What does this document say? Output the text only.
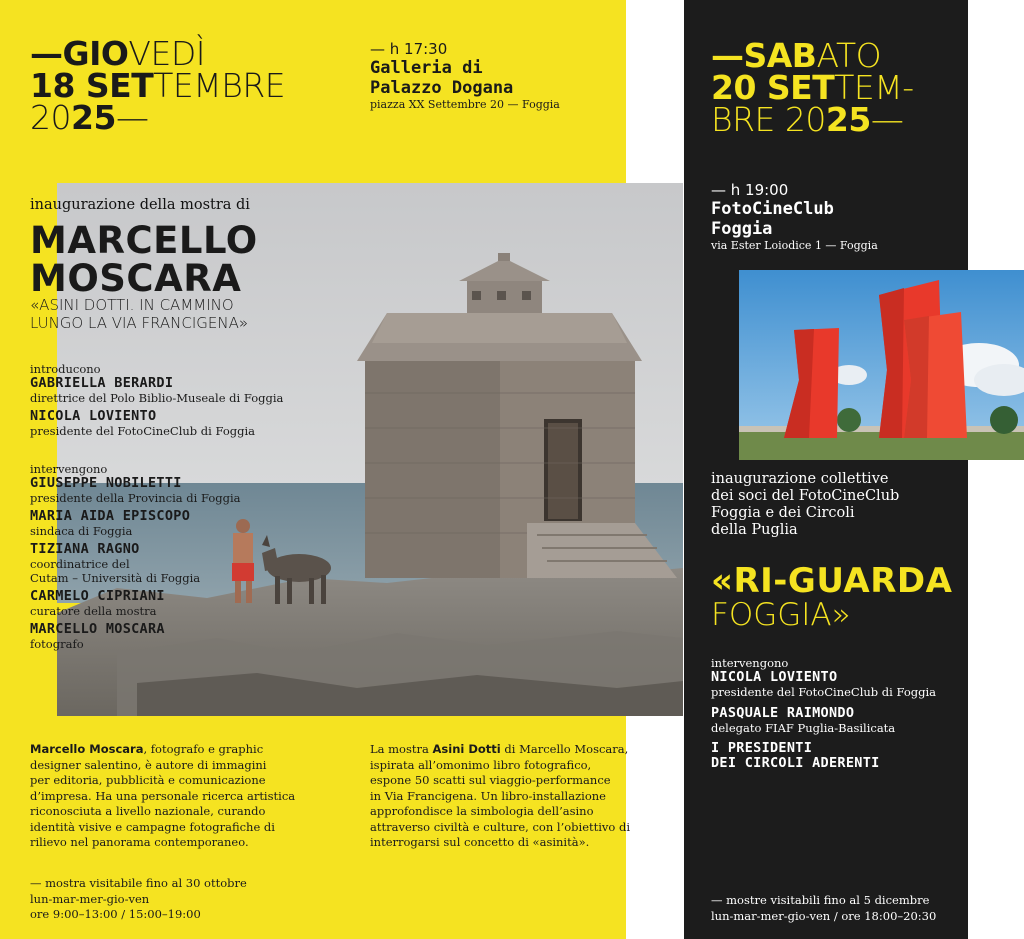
—GIOVEDÌ
18 SETTEMBRE
2025—
— h 17:30
Galleria di
Palazzo Dogana
piazza XX Settembre 20 — Foggia
inaugurazione della mostra di
MARCELLO
MOSCARA
«ASINI DOTTI. IN CAMMINO
LUNGO LA VIA FRANCIGENA»
introducono
GABRIELLA BERARDI
direttrice del Polo Biblio-Museale di Foggia
NICOLA LOVIENTO
presidente del FotoCineClub di Foggia
intervengono
GIUSEPPE NOBILETTI
presidente della Provincia di Foggia
MARIA AIDA EPISCOPO
sindaca di Foggia
TIZIANA RAGNO
coordinatrice del
Cutam – Università di Foggia
CARMELO CIPRIANI
curatore della mostra
MARCELLO MOSCARA
fotografo
Marcello Moscara, fotografo e graphic
designer salentino, è autore di immagini
per editoria, pubblicità e comunicazione
d’impresa. Ha una personale ricerca artistica
riconosciuta a livello nazionale, curando
identità visive e campagne fotografiche di
rilievo nel panorama contemporaneo.
La mostra Asini Dotti di Marcello Moscara,
ispirata all’omonimo libro fotografico,
espone 50 scatti sul viaggio-performance
in Via Francigena. Un libro-installazione
approfondisce la simbologia dell’asino
attraverso civiltà e culture, con l’obiettivo di
interrogarsi sul concetto di «asinità».
— mostra visitabile fino al 30 ottobre
lun-mar-mer-gio-ven
ore 9:00–13:00 / 15:00–19:00
—SABATO
20 SETTEM-
BRE 2025—
— h 19:00
FotoCineClub
Foggia
via Ester Loiodice 1 — Foggia
inaugurazione collettive
dei soci del FotoCineClub
Foggia e dei Circoli
della Puglia
«RI-GUARDA
FOGGIA»
intervengono
NICOLA LOVIENTO
presidente del FotoCineClub di Foggia
PASQUALE RAIMONDO
delegato FIAF Puglia-Basilicata
I PRESIDENTI
DEI CIRCOLI ADERENTI
— mostre visitabili fino al 5 dicembre
lun-mar-mer-gio-ven / ore 18:00–20:30
